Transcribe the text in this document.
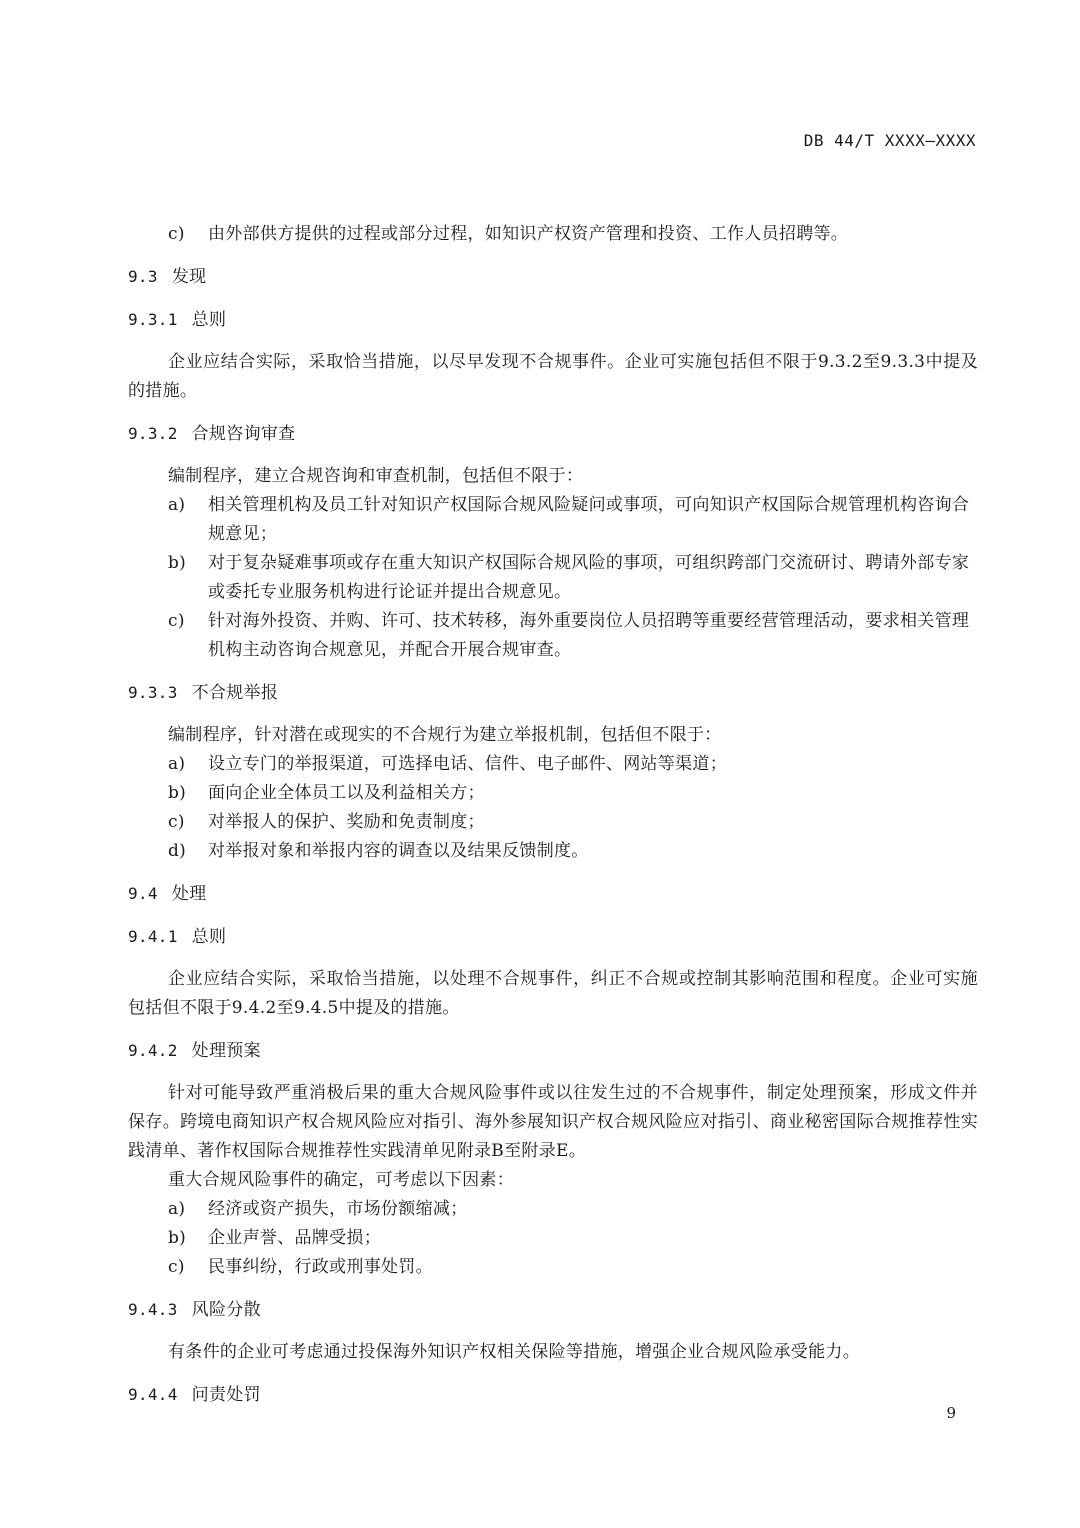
DB 44/T XXXX—XXXX
c)	由外部供方提供的过程或部分过程，如知识产权资产管理和投资、工作人员招聘等。
9.3 发现
9.3.1 总则
企业应结合实际，采取恰当措施，以尽早发现不合规事件。企业可实施包括但不限于9.3.2至9.3.3中提及的措施。
9.3.2 合规咨询审查
编制程序，建立合规咨询和审查机制，包括但不限于：
a)	相关管理机构及员工针对知识产权国际合规风险疑问或事项，可向知识产权国际合规管理机构咨询合规意见；
b)	对于复杂疑难事项或存在重大知识产权国际合规风险的事项，可组织跨部门交流研讨、聘请外部专家或委托专业服务机构进行论证并提出合规意见。
c)	针对海外投资、并购、许可、技术转移，海外重要岗位人员招聘等重要经营管理活动，要求相关管理机构主动咨询合规意见，并配合开展合规审查。
9.3.3 不合规举报
编制程序，针对潜在或现实的不合规行为建立举报机制，包括但不限于：
a)	设立专门的举报渠道，可选择电话、信件、电子邮件、网站等渠道；
b)	面向企业全体员工以及利益相关方；
c)	对举报人的保护、奖励和免责制度；
d)	对举报对象和举报内容的调查以及结果反馈制度。
9.4 处理
9.4.1 总则
企业应结合实际，采取恰当措施，以处理不合规事件，纠正不合规或控制其影响范围和程度。企业可实施包括但不限于9.4.2至9.4.5中提及的措施。
9.4.2 处理预案
针对可能导致严重消极后果的重大合规风险事件或以往发生过的不合规事件，制定处理预案，形成文件并保存。跨境电商知识产权合规风险应对指引、海外参展知识产权合规风险应对指引、商业秘密国际合规推荐性实践清单、著作权国际合规推荐性实践清单见附录B至附录E。
重大合规风险事件的确定，可考虑以下因素：
a)	经济或资产损失，市场份额缩减；
b)	企业声誉、品牌受损；
c)	民事纠纷，行政或刑事处罚。
9.4.3 风险分散
有条件的企业可考虑通过投保海外知识产权相关保险等措施，增强企业合规风险承受能力。
9.4.4 问责处罚
9
